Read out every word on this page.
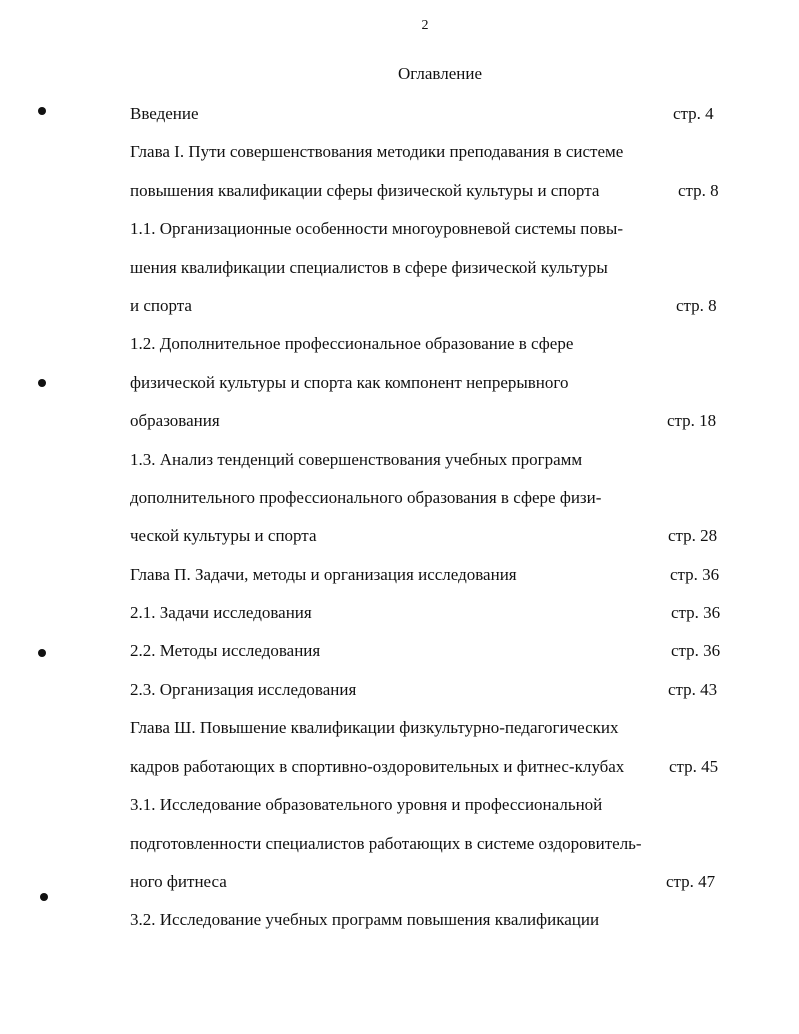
2
Оглавление
Введение
Глава I. Пути совершенствования методики преподавания в системе
повышения квалификации сферы физической культуры и спорта
1.1. Организационные особенности многоуровневой системы повы-
шения квалификации специалистов в сфере физической культуры
и спорта
1.2. Дополнительное профессиональное образование в сфере
физической культуры и спорта как компонент непрерывного
образования
1.3. Анализ тенденций совершенствования учебных программ
дополнительного профессионального образования в сфере физи-
ческой культуры и спорта
Глава П. Задачи, методы и организация исследования
2.1. Задачи исследования
2.2. Методы исследования
2.3. Организация исследования
Глава Ш. Повышение квалификации физкультурно-педагогических
кадров работающих в спортивно-оздоровительных и фитнес-клубах
3.1. Исследование образовательного уровня и профессиональной
подготовленности специалистов работающих в системе оздоровитель-
ного фитнеса
3.2. Исследование учебных программ повышения квалификации
стр. 4
стр. 8
стр. 8
стр. 18
стр. 28
стр. 36
стр. 36
стр. 36
стр. 43
стр. 45
стр. 47
